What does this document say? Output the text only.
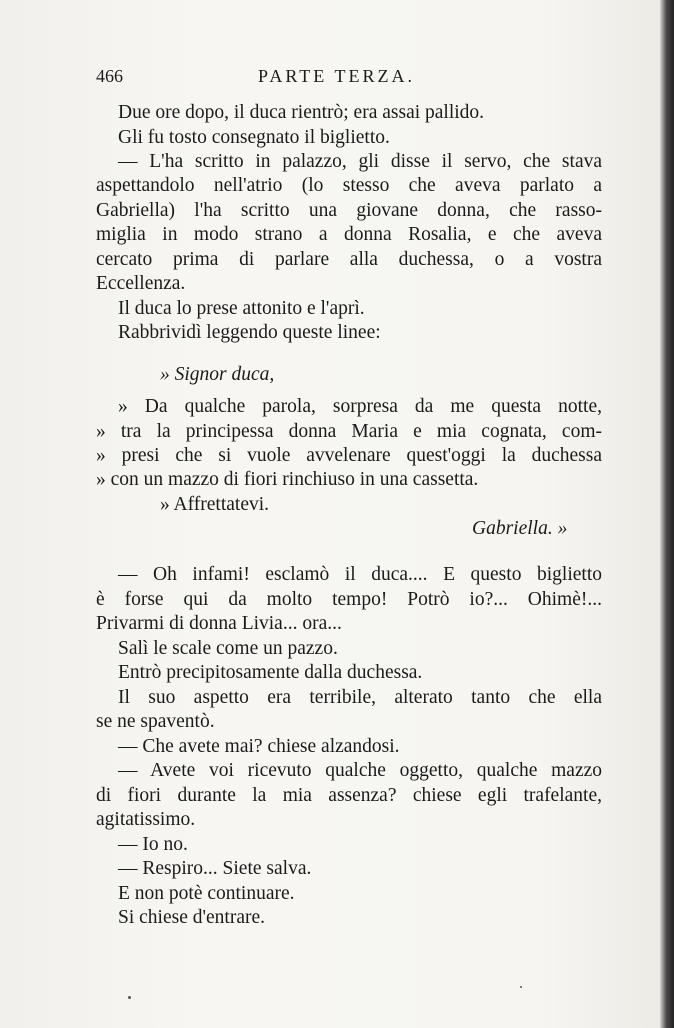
466	PARTE TERZA.
Due ore dopo, il duca rientrò; era assai pallido.
Gli fu tosto consegnato il biglietto.
— L'ha scritto in palazzo, gli disse il servo, che stava
aspettandolo nell'atrio (lo stesso che aveva parlato a
Gabriella) l'ha scritto una giovane donna, che rasso-
miglia in modo strano a donna Rosalia, e che aveva
cercato prima di parlare alla duchessa, o a vostra
Eccellenza.
Il duca lo prese attonito e l'aprì.
Rabbrividì leggendo queste linee:
» Signor duca,
» Da qualche parola, sorpresa da me questa notte,
» tra la principessa donna Maria e mia cognata, com-
» presi che si vuole avvelenare quest'oggi la duchessa
» con un mazzo di fiori rinchiuso in una cassetta.
» Affrettatevi.
Gabriella. »
— Oh infami! esclamò il duca.... E questo biglietto
è forse qui da molto tempo! Potrò io?... Ohimè!...
Privarmi di donna Livia... ora...
Salì le scale come un pazzo.
Entrò precipitosamente dalla duchessa.
Il suo aspetto era terribile, alterato tanto che ella
se ne spaventò.
— Che avete mai? chiese alzandosi.
— Avete voi ricevuto qualche oggetto, qualche mazzo
di fiori durante la mia assenza? chiese egli trafelante,
agitatissimo.
— Io no.
— Respiro... Siete salva.
E non potè continuare.
Si chiese d'entrare.
